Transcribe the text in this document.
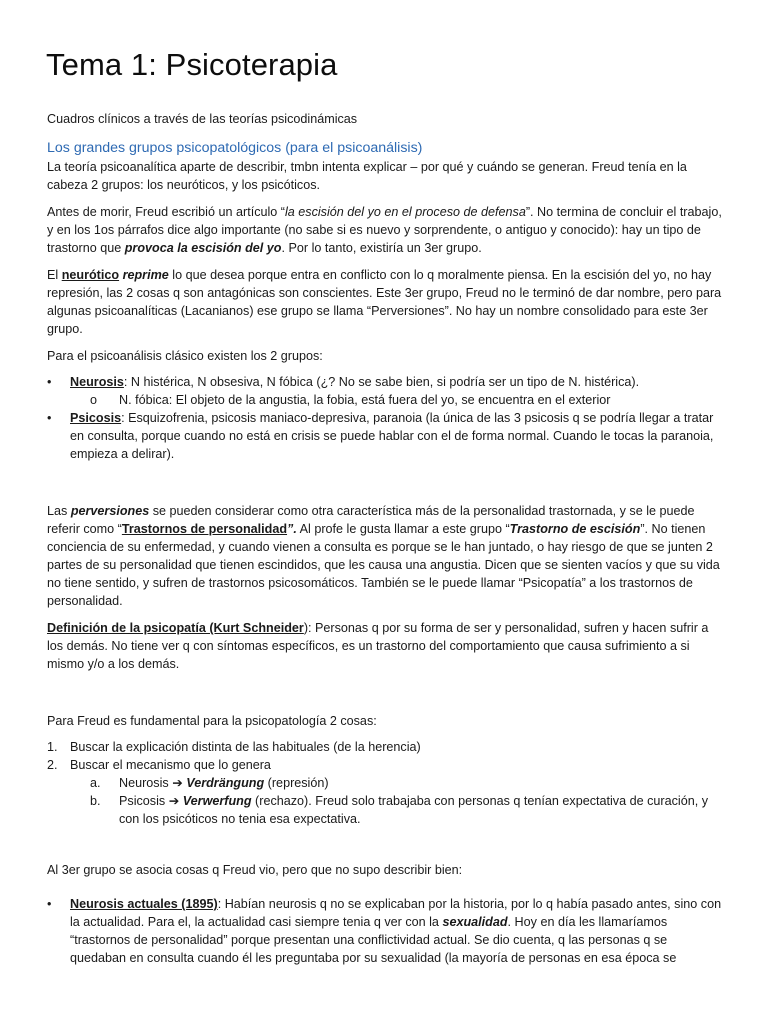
Tema 1: Psicoterapia

Cuadros clínicos a través de las teorías psicodinámicas

Los grandes grupos psicopatológicos (para el psicoanálisis)

La teoría psicoanalítica aparte de describir, tmbn intenta explicar – por qué y cuándo se generan. Freud tenía en la cabeza 2 grupos: los neuróticos, y los psicóticos.

Antes de morir, Freud escribió un artículo “la escisión del yo en el proceso de defensa”. No termina de concluir el trabajo, y en los 1os párrafos dice algo importante (no sabe si es nuevo y sorprendente, o antiguo y conocido): hay un tipo de trastorno que provoca la escisión del yo. Por lo tanto, existiría un 3er grupo.

El neurótico reprime lo que desea porque entra en conflicto con lo q moralmente piensa. En la escisión del yo, no hay represión, las 2 cosas q son antagónicas son conscientes. Este 3er grupo, Freud no le terminó de dar nombre, pero para algunas psicoanalíticas (Lacanianos) ese grupo se llama “Perversiones”. No hay un nombre consolidado para este 3er grupo.

Para el psicoanálisis clásico existen los 2 grupos:

•	Neurosis: N histérica, N obsesiva, N fóbica (¿? No se sabe bien, si podría ser un tipo de N. histérica).
o N. fóbica: El objeto de la angustia, la fobia, está fuera del yo, se encuentra en el exterior
•	Psicosis: Esquizofrenia, psicosis maniaco-depresiva, paranoia (la única de las 3 psicosis q se podría llegar a tratar en consulta, porque cuando no está en crisis se puede hablar con el de forma normal. Cuando le tocas la paranoia, empieza a delirar).

Las perversiones se pueden considerar como otra característica más de la personalidad trastornada, y se le puede referir como “Trastornos de personalidad”. Al profe le gusta llamar a este grupo “Trastorno de escisión”. No tienen conciencia de su enfermedad, y cuando vienen a consulta es porque se le han juntado, o hay riesgo de que se junten 2 partes de su personalidad que tienen escindidos, que les causa una angustia. Dicen que se sienten vacíos y que su vida no tiene sentido, y sufren de trastornos psicosomáticos. También se le puede llamar “Psicopatía” a los trastornos de personalidad.

Definición de la psicopatía (Kurt Schneider): Personas q por su forma de ser y personalidad, sufren y hacen sufrir a los demás. No tiene ver q con síntomas específicos, es un trastorno del comportamiento que causa sufrimiento a si mismo y/o a los demás.

Para Freud es fundamental para la psicopatología 2 cosas:

1. Buscar la explicación distinta de las habituales (de la herencia)
2. Buscar el mecanismo que lo genera
a. Neurosis ➔ Verdrängung (represión)
b. Psicosis ➔ Verwerfung (rechazo). Freud solo trabajaba con personas q tenían expectativa de curación, y con los psicóticos no tenia esa expectativa.

Al 3er grupo se asocia cosas q Freud vio, pero que no supo describir bien:

•	Neurosis actuales (1895): Habían neurosis q no se explicaban por la historia, por lo q había pasado antes, sino con la actualidad. Para el, la actualidad casi siempre tenia q ver con la sexualidad. Hoy en día les llamaríamos “trastornos de personalidad” porque presentan una conflictividad actual. Se dio cuenta, q las personas q se quedaban en consulta cuando él les preguntaba por su sexualidad (la mayoría de personas en esa época se
